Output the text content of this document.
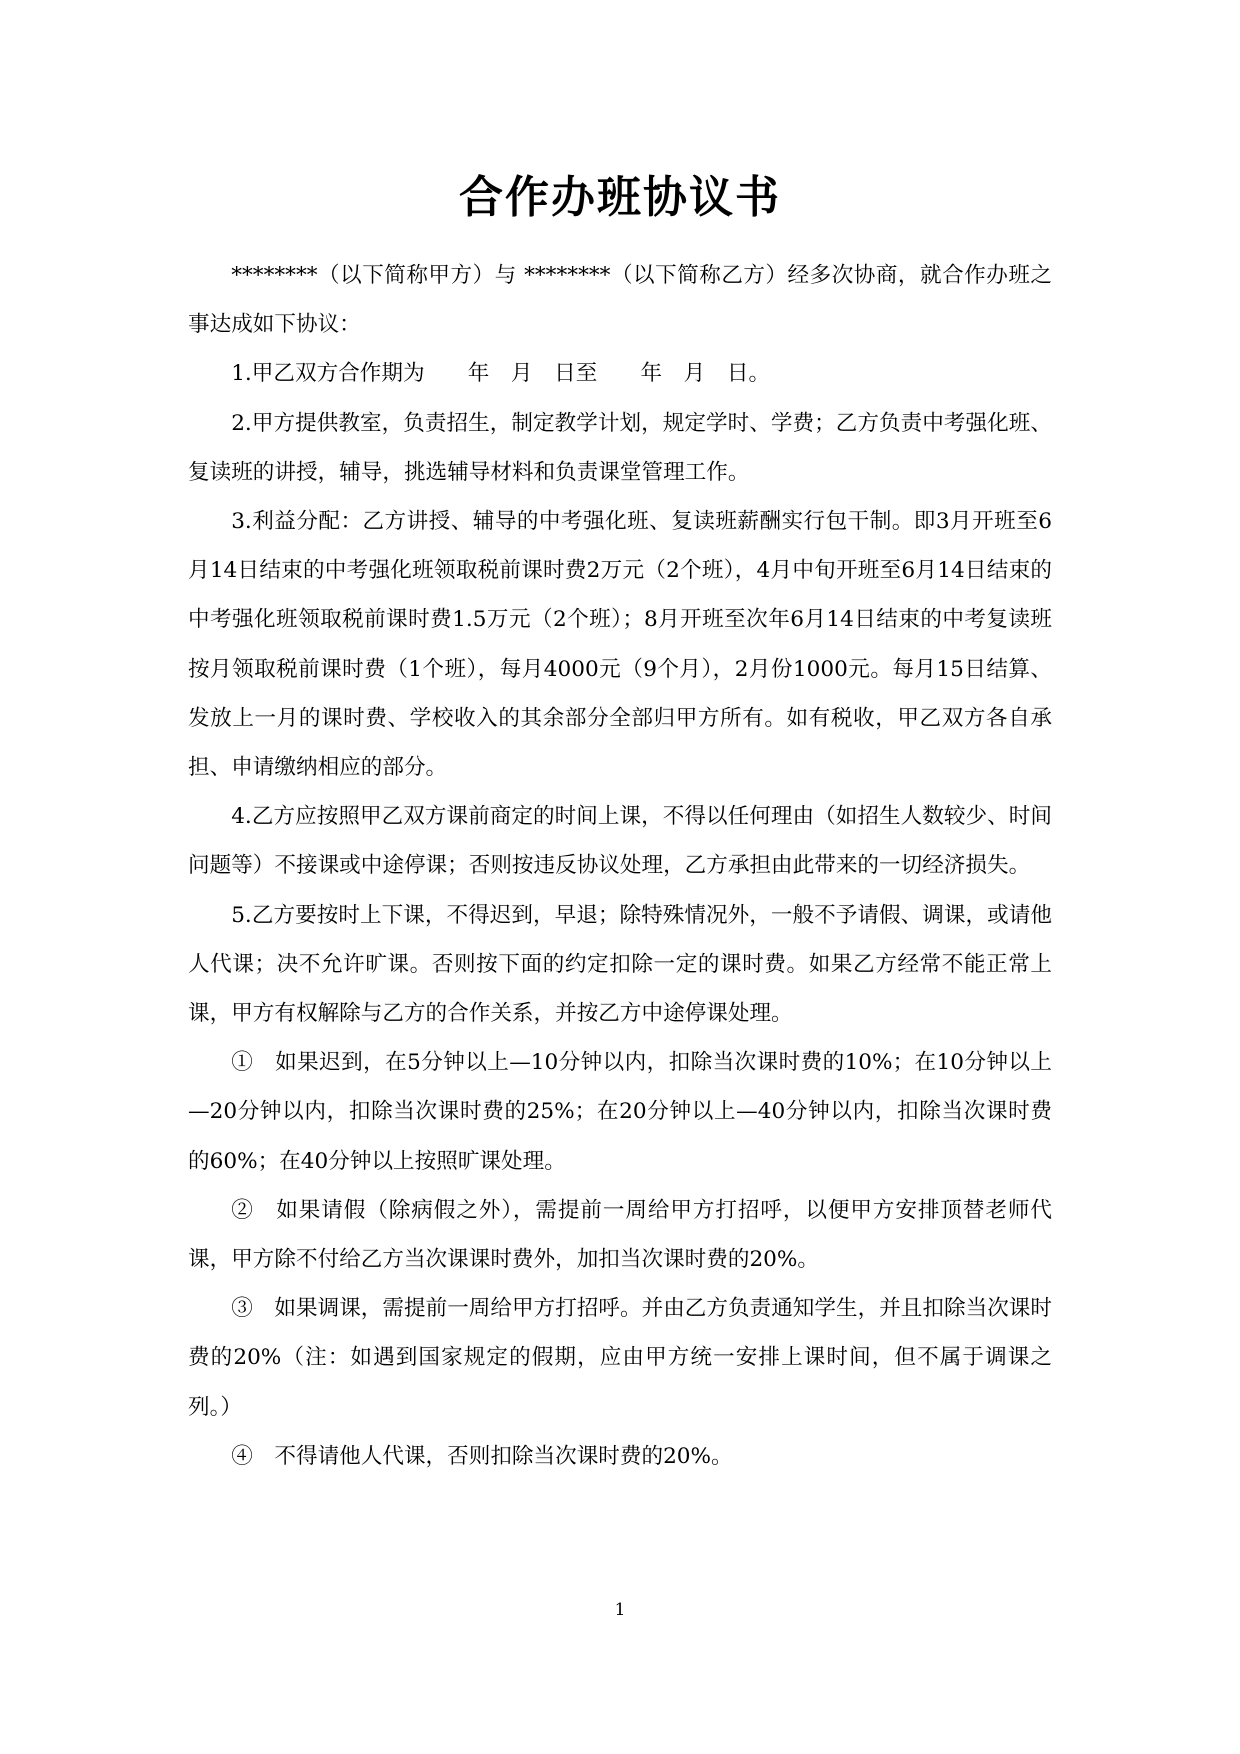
合作办班协议书

********（以下简称甲方）与 ********（以下简称乙方）经多次协商，就合作办班之事达成如下协议：

1.甲乙双方合作期为　　年　月　日至　　年　月　日。

2.甲方提供教室，负责招生，制定教学计划，规定学时、学费；乙方负责中考强化班、复读班的讲授，辅导，挑选辅导材料和负责课堂管理工作。

3.利益分配：乙方讲授、辅导的中考强化班、复读班薪酬实行包干制。即3月开班至6月14日结束的中考强化班领取税前课时费2万元（2个班），4月中旬开班至6月14日结束的中考强化班领取税前课时费1.5万元（2个班）；8月开班至次年6月14日结束的中考复读班按月领取税前课时费（1个班），每月4000元（9个月），2月份1000元。每月15日结算、发放上一月的课时费、学校收入的其余部分全部归甲方所有。如有税收，甲乙双方各自承担、申请缴纳相应的部分。

4.乙方应按照甲乙双方课前商定的时间上课，不得以任何理由（如招生人数较少、时间问题等）不接课或中途停课；否则按违反协议处理，乙方承担由此带来的一切经济损失。

5.乙方要按时上下课，不得迟到，早退；除特殊情况外，一般不予请假、调课，或请他人代课；决不允许旷课。否则按下面的约定扣除一定的课时费。如果乙方经常不能正常上课，甲方有权解除与乙方的合作关系，并按乙方中途停课处理。

①　如果迟到，在5分钟以上—10分钟以内，扣除当次课时费的10%；在10分钟以上—20分钟以内，扣除当次课时费的25%；在20分钟以上—40分钟以内，扣除当次课时费的60%；在40分钟以上按照旷课处理。

②　如果请假（除病假之外），需提前一周给甲方打招呼，以便甲方安排顶替老师代课，甲方除不付给乙方当次课课时费外，加扣当次课时费的20%。

③　如果调课，需提前一周给甲方打招呼。并由乙方负责通知学生，并且扣除当次课时费的20%（注：如遇到国家规定的假期，应由甲方统一安排上课时间，但不属于调课之列。）

④　不得请他人代课，否则扣除当次课时费的20%。

1
